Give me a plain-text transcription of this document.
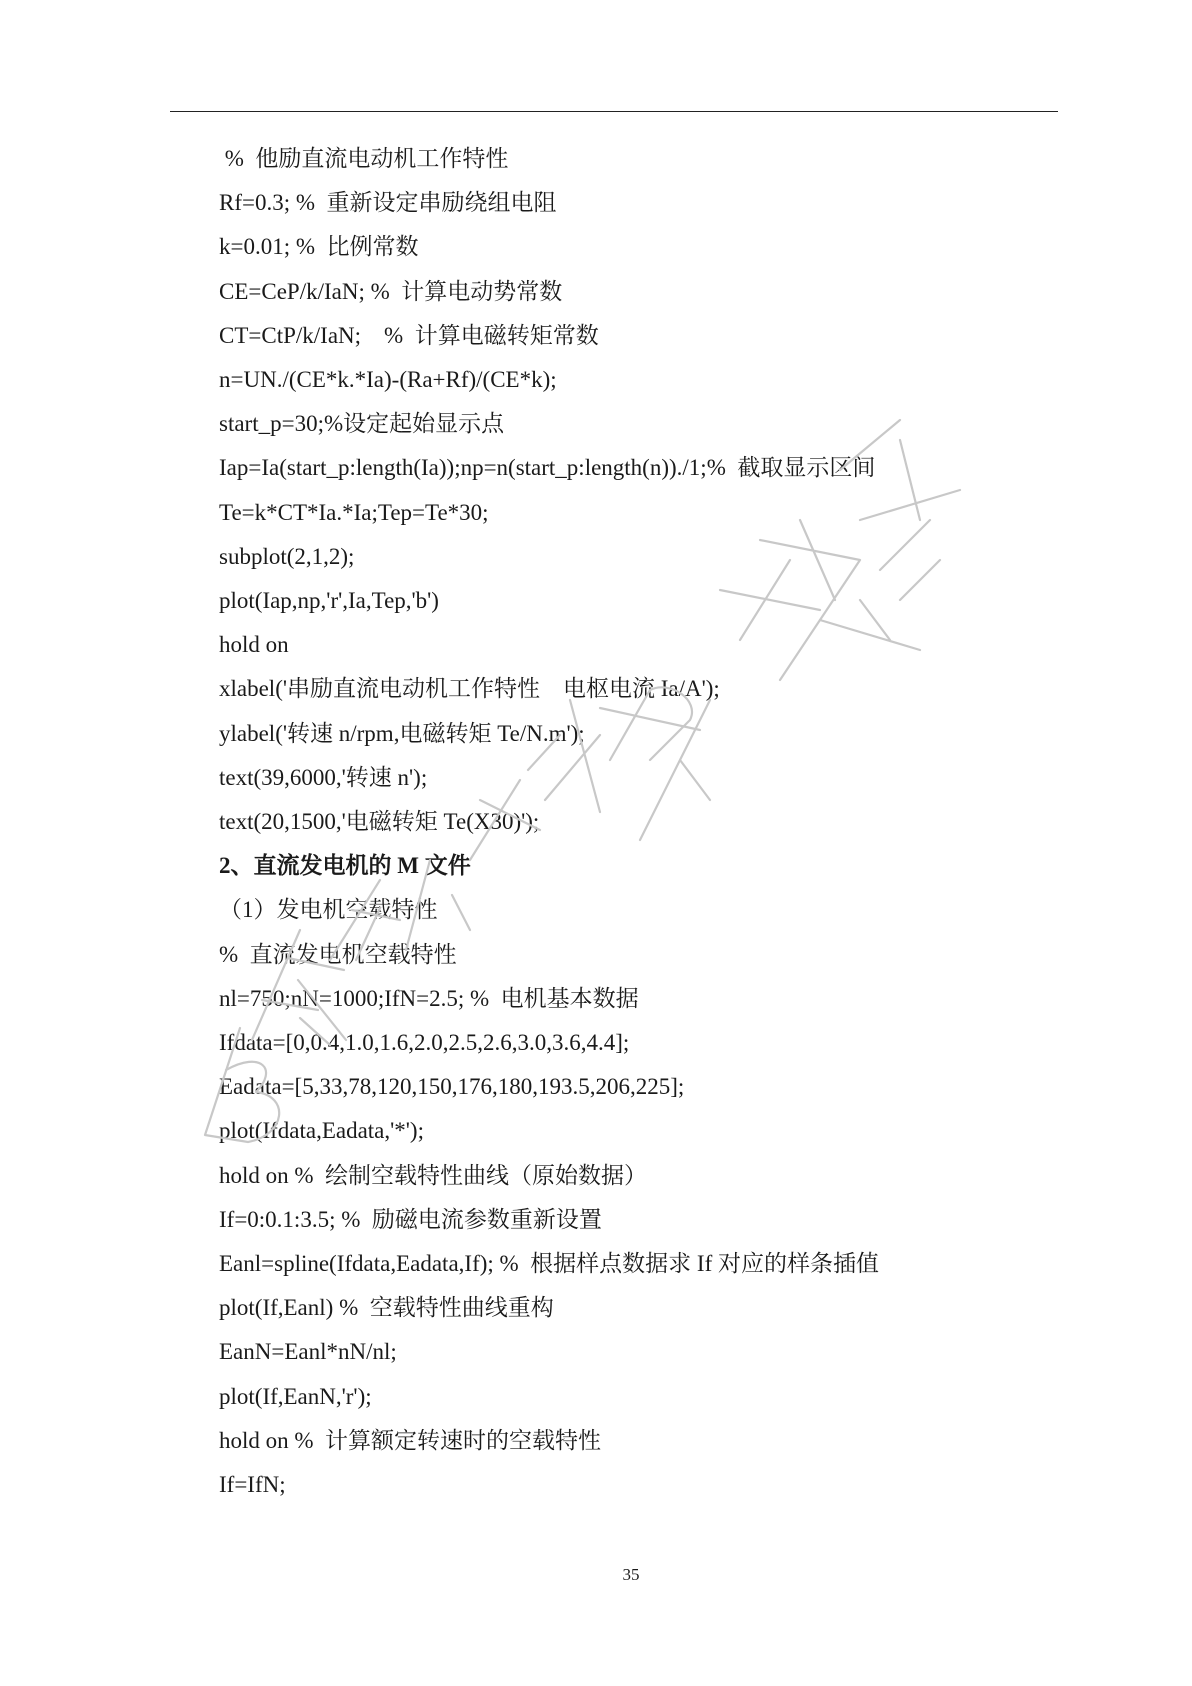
%  他励直流电动机工作特性
Rf=0.3; %  重新设定串励绕组电阻
k=0.01; %  比例常数
CE=CeP/k/IaN; %  计算电动势常数
CT=CtP/k/IaN;    %  计算电磁转矩常数
n=UN./(CE*k.*Ia)-(Ra+Rf)/(CE*k);
start_p=30;%设定起始显示点
Iap=Ia(start_p:length(Ia));np=n(start_p:length(n))./1;%  截取显示区间
Te=k*CT*Ia.*Ia;Tep=Te*30;
subplot(2,1,2);
plot(Iap,np,'r',Ia,Tep,'b')
hold on
xlabel('串励直流电动机工作特性    电枢电流 Ia/A');
ylabel('转速 n/rpm,电磁转矩 Te/N.m');
text(39,6000,'转速 n');
text(20,1500,'电磁转矩 Te(X30)');
2、直流发电机的 M 文件
（1）发电机空载特性
%  直流发电机空载特性
nl=750;nN=1000;IfN=2.5; %  电机基本数据
Ifdata=[0,0.4,1.0,1.6,2.0,2.5,2.6,3.0,3.6,4.4];
Eadata=[5,33,78,120,150,176,180,193.5,206,225];
plot(Ifdata,Eadata,'*');
hold on %  绘制空载特性曲线（原始数据）
If=0:0.1:3.5; %  励磁电流参数重新设置
Eanl=spline(Ifdata,Eadata,If); %  根据样点数据求 If 对应的样条插值
plot(If,Eanl) %  空载特性曲线重构
EanN=Eanl*nN/nl;
plot(If,EanN,'r');
hold on %  计算额定转速时的空载特性
If=IfN;
35
